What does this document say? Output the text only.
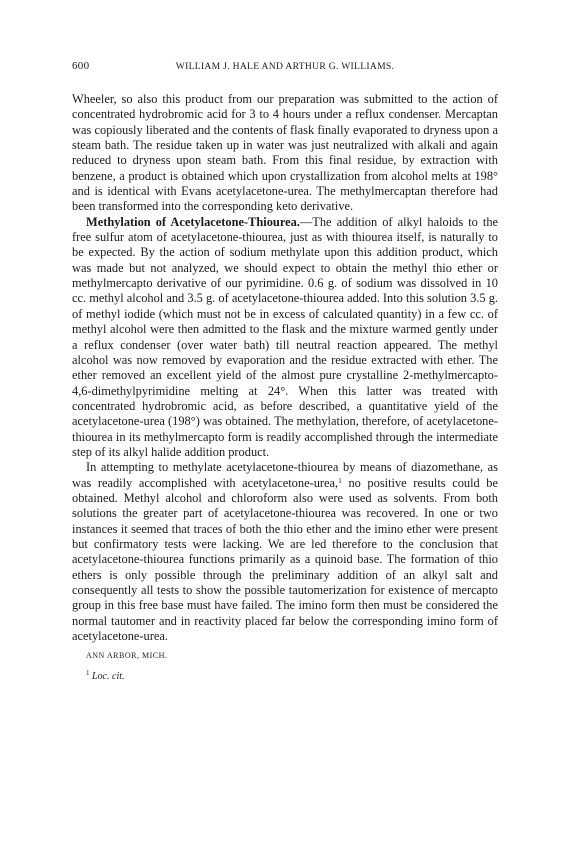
600	WILLIAM J. HALE AND ARTHUR G. WILLIAMS.

Wheeler, so also this product from our preparation was submitted to the action of concentrated hydrobromic acid for 3 to 4 hours under a reflux condenser. Mercaptan was copiously liberated and the contents of flask finally evaporated to dryness upon a steam bath. The residue taken up in water was just neutralized with alkali and again reduced to dryness upon steam bath. From this final residue, by extraction with benzene, a product is obtained which upon crystallization from alcohol melts at 198° and is identical with Evans acetylacetone-urea. The methylmercaptan therefore had been transformed into the corresponding keto derivative.

Methylation of Acetylacetone-Thiourea.—The addition of alkyl haloids to the free sulfur atom of acetylacetone-thiourea, just as with thiourea itself, is naturally to be expected. By the action of sodium methylate upon this addition product, which was made but not analyzed, we should expect to obtain the methyl thio ether or methylmercapto derivative of our pyrimidine. 0.6 g. of sodium was dissolved in 10 cc. methyl alcohol and 3.5 g. of acetylacetone-thiourea added. Into this solution 3.5 g. of methyl iodide (which must not be in excess of calculated quantity) in a few cc. of methyl alcohol were then admitted to the flask and the mixture warmed gently under a reflux condenser (over water bath) till neutral reaction appeared. The methyl alcohol was now removed by evaporation and the residue extracted with ether. The ether removed an excellent yield of the almost pure crystalline 2-methylmercapto-4,6-dimethylpyrimidine melting at 24°. When this latter was treated with concentrated hydrobromic acid, as before described, a quantitative yield of the acetylacetone-urea (198°) was obtained. The methylation, therefore, of acetylacetone-thiourea in its methylmercapto form is readily accomplished through the intermediate step of its alkyl halide addition product.

In attempting to methylate acetylacetone-thiourea by means of diazomethane, as was readily accomplished with acetylacetone-urea,$^1$ no positive results could be obtained. Methyl alcohol and chloroform also were used as solvents. From both solutions the greater part of acetylacetone-thiourea was recovered. In one or two instances it seemed that traces of both the thio ether and the imino ether were present but confirmatory tests were lacking. We are led therefore to the conclusion that acetylacetone-thiourea functions primarily as a quinoid base. The formation of thio ethers is only possible through the preliminary addition of an alkyl salt and consequently all tests to show the possible tautomerization for existence of mercapto group in this free base must have failed. The imino form then must be considered the normal tautomer and in reactivity placed far below the corresponding imino form of acetylacetone-urea.

ANN ARBOR, MICH.
$^1$ Loc. cit.
